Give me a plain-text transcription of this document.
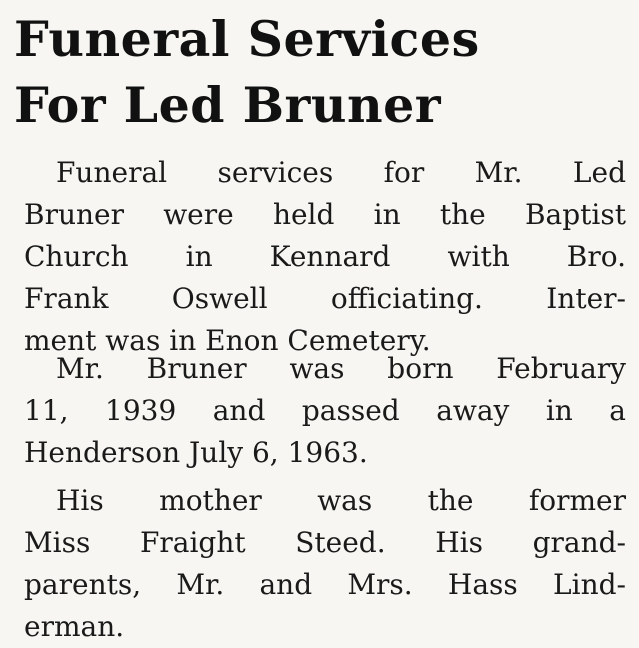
Funeral Services
For Led Bruner

Funeral services for Mr. Led
Bruner were held in the Baptist
Church in Kennard with Bro.
Frank Oswell officiating. Inter-
ment was in Enon Cemetery.

Mr. Bruner was born February
11, 1939 and passed away in a
Henderson July 6, 1963.

His mother was the former
Miss Fraight Steed. His grand-
parents, Mr. and Mrs. Hass Lind-
erman.
